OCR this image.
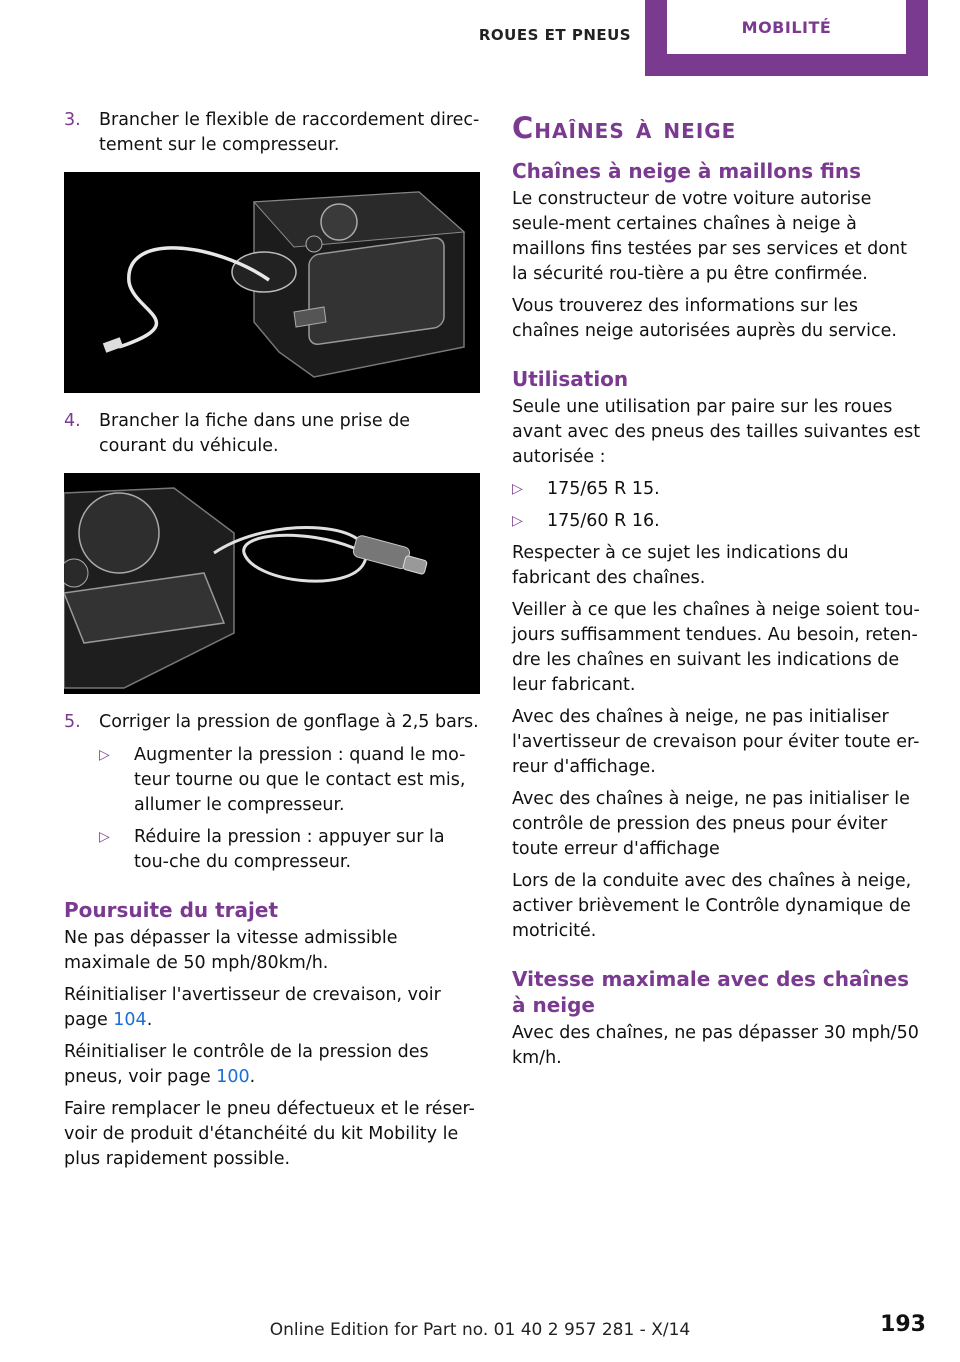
ROUES ET PNEUS	MOBILITÉ
3.	Brancher le flexible de raccordement direc-tement sur le compresseur.
4.	Brancher la fiche dans une prise de courant du véhicule.
5.	Corriger la pression de gonflage à 2,5 bars.
▷	Augmenter la pression : quand le mo-teur tourne ou que le contact est mis, allumer le compresseur.
▷	Réduire la pression : appuyer sur la tou-che du compresseur.
Poursuite du trajet

Ne pas dépasser la vitesse admissible maximale de 50 mph/80km/h.

Réinitialiser l'avertisseur de crevaison, voir page 104.

Réinitialiser le contrôle de la pression des pneus, voir page 100.

Faire remplacer le pneu défectueux et le réser-voir de produit d'étanchéité du kit Mobility le plus rapidement possible.

Chaînes à neige
Chaînes à neige à maillons fins

Le constructeur de votre voiture autorise seule-ment certaines chaînes à neige à maillons fins testées par ses services et dont la sécurité rou-tière a pu être confirmée.

Vous trouverez des informations sur les chaînes neige autorisées auprès du service.

Utilisation

Seule une utilisation par paire sur les roues avant avec des pneus des tailles suivantes est autorisée :

▷	175/65 R 15.
▷	175/60 R 16.

Respecter à ce sujet les indications du fabricant des chaînes.

Veiller à ce que les chaînes à neige soient tou-jours suffisamment tendues. Au besoin, reten-dre les chaînes en suivant les indications de leur fabricant.

Avec des chaînes à neige, ne pas initialiser l'avertisseur de crevaison pour éviter toute er-reur d'affichage.

Avec des chaînes à neige, ne pas initialiser le contrôle de pression des pneus pour éviter toute erreur d'affichage

Lors de la conduite avec des chaînes à neige, activer brièvement le Contrôle dynamique de motricité.

Vitesse maximale avec des chaînes à neige

Avec des chaînes, ne pas dépasser 30 mph/50 km/h.

Online Edition for Part no. 01 40 2 957 281 - X/14	193
